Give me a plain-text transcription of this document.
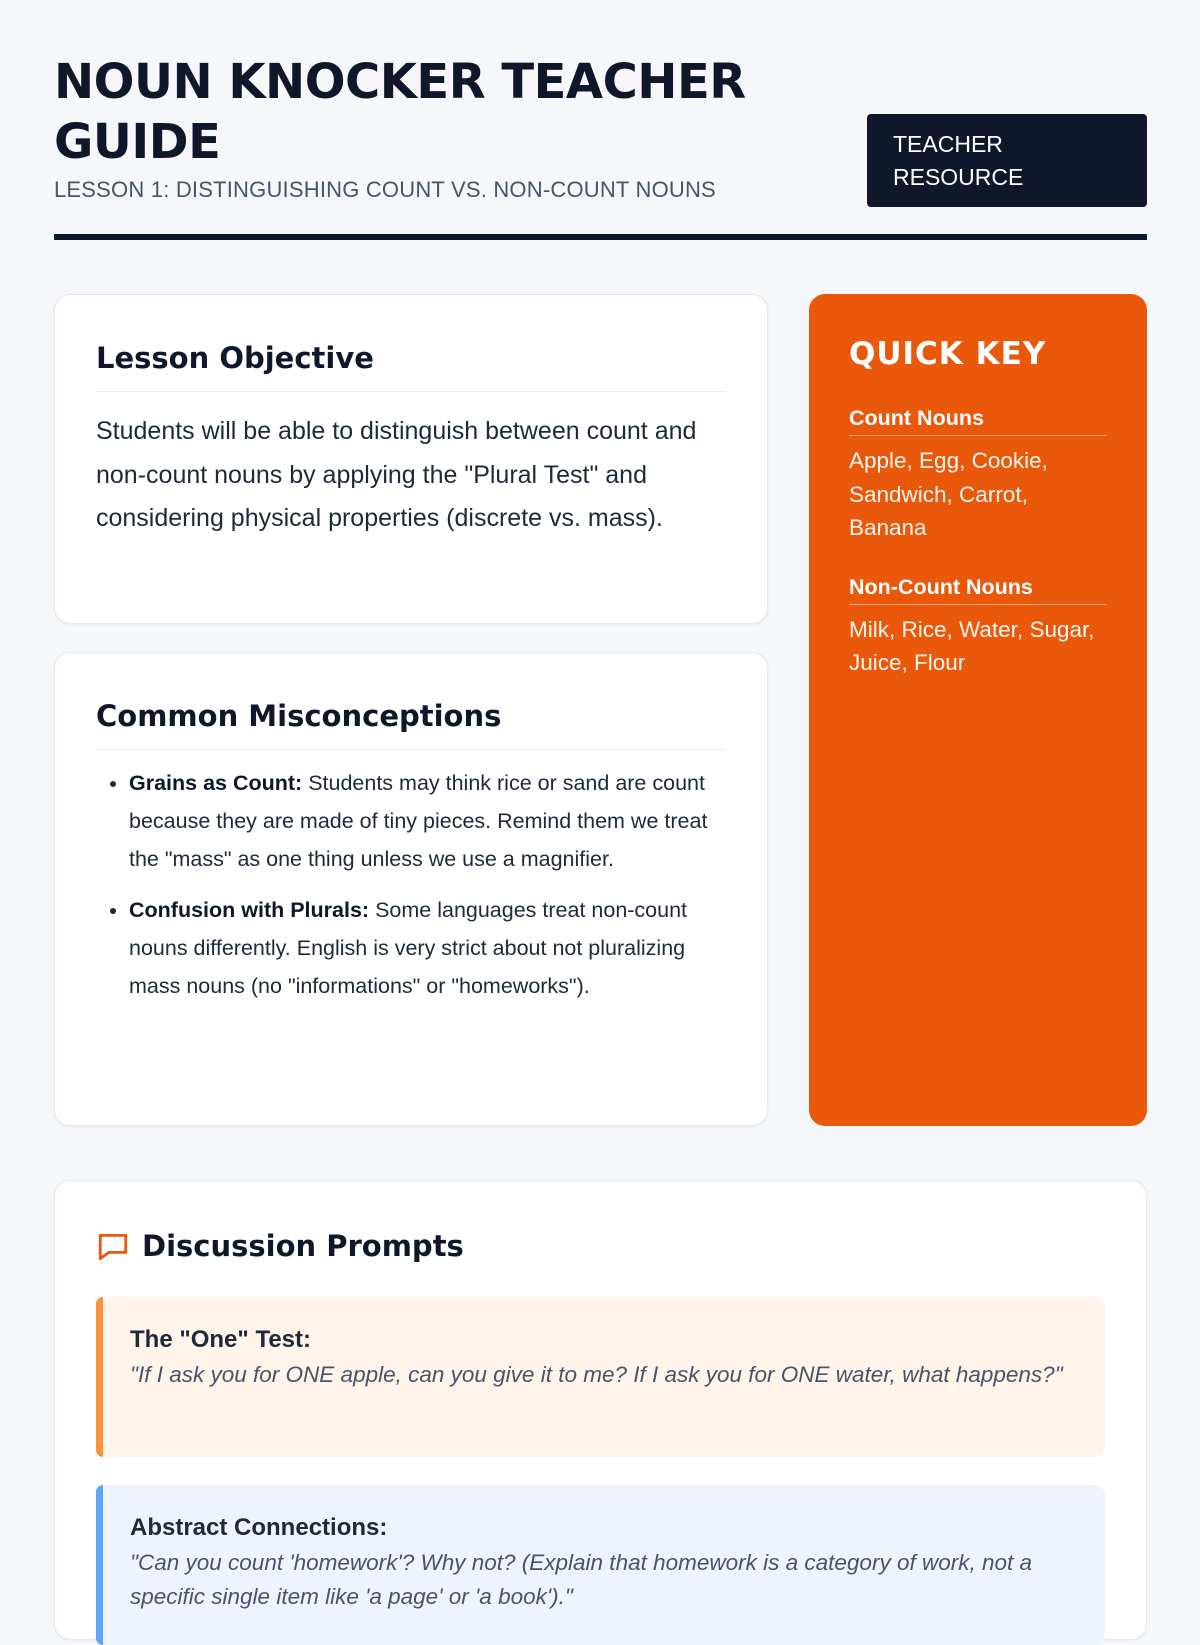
NOUN KNOCKER TEACHER GUIDE
LESSON 1: DISTINGUISHING COUNT VS. NON-COUNT NOUNS
TEACHER RESOURCE
Lesson Objective

Students will be able to distinguish between count and non-count nouns by applying the "Plural Test" and considering physical properties (discrete vs. mass).

Common Misconceptions
• Grains as Count: Students may think rice or sand are count because they are made of tiny pieces. Remind them we treat the "mass" as one thing unless we use a magnifier.
• Confusion with Plurals: Some languages treat non-count nouns differently. English is very strict about not pluralizing mass nouns (no "informations" or "homeworks").
QUICK KEY
Count Nouns
Apple, Egg, Cookie, Sandwich, Carrot, Banana
Non-Count Nouns
Milk, Rice, Water, Sugar, Juice, Flour
Discussion Prompts
The "One" Test:
"If I ask you for ONE apple, can you give it to me? If I ask you for ONE water, what happens?"
Abstract Connections:
"Can you count 'homework'? Why not? (Explain that homework is a category of work, not a specific single item like 'a page' or 'a book')."
